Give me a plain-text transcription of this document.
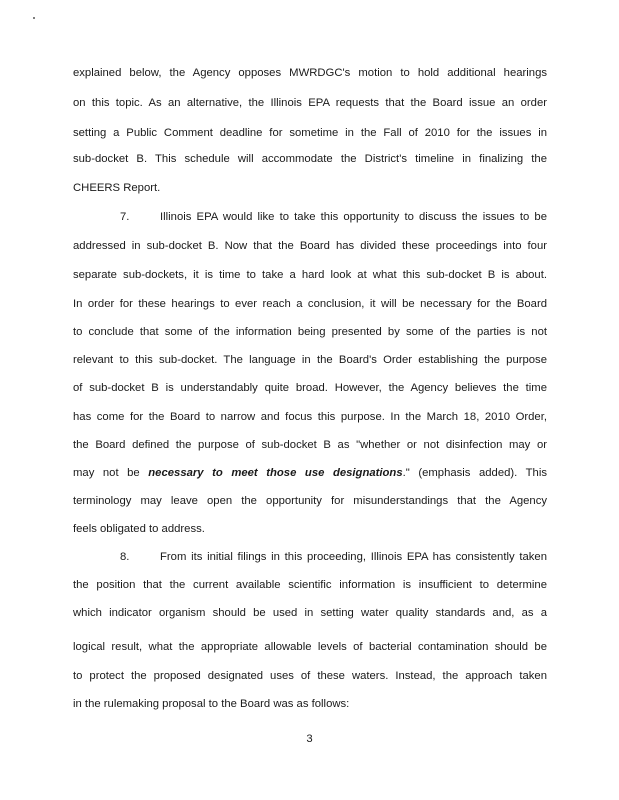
explained below, the Agency opposes MWRDGC's motion to hold additional hearings
on this topic. As an alternative, the Illinois EPA requests that the Board issue an order
setting a Public Comment deadline for sometime in the Fall of 2010 for the issues in
sub-docket B. This schedule will accommodate the District's timeline in finalizing the
CHEERS Report.
7.	Illinois EPA would like to take this opportunity to discuss the issues to be
addressed in sub-docket B. Now that the Board has divided these proceedings into four
separate sub-dockets, it is time to take a hard look at what this sub-docket B is about.
In order for these hearings to ever reach a conclusion, it will be necessary for the Board
to conclude that some of the information being presented by some of the parties is not
relevant to this sub-docket. The language in the Board's Order establishing the purpose
of sub-docket B is understandably quite broad. However, the Agency believes the time
has come for the Board to narrow and focus this purpose. In the March 18, 2010 Order,
the Board defined the purpose of sub-docket B as "whether or not disinfection may or
may not be necessary to meet those use designations." (emphasis added). This
terminology may leave open the opportunity for misunderstandings that the Agency
feels obligated to address.
8.	From its initial filings in this proceeding, Illinois EPA has consistently taken
the position that the current available scientific information is insufficient to determine
which indicator organism should be used in setting water quality standards and, as a
logical result, what the appropriate allowable levels of bacterial contamination should be
to protect the proposed designated uses of these waters. Instead, the approach taken
in the rulemaking proposal to the Board was as follows:
3
